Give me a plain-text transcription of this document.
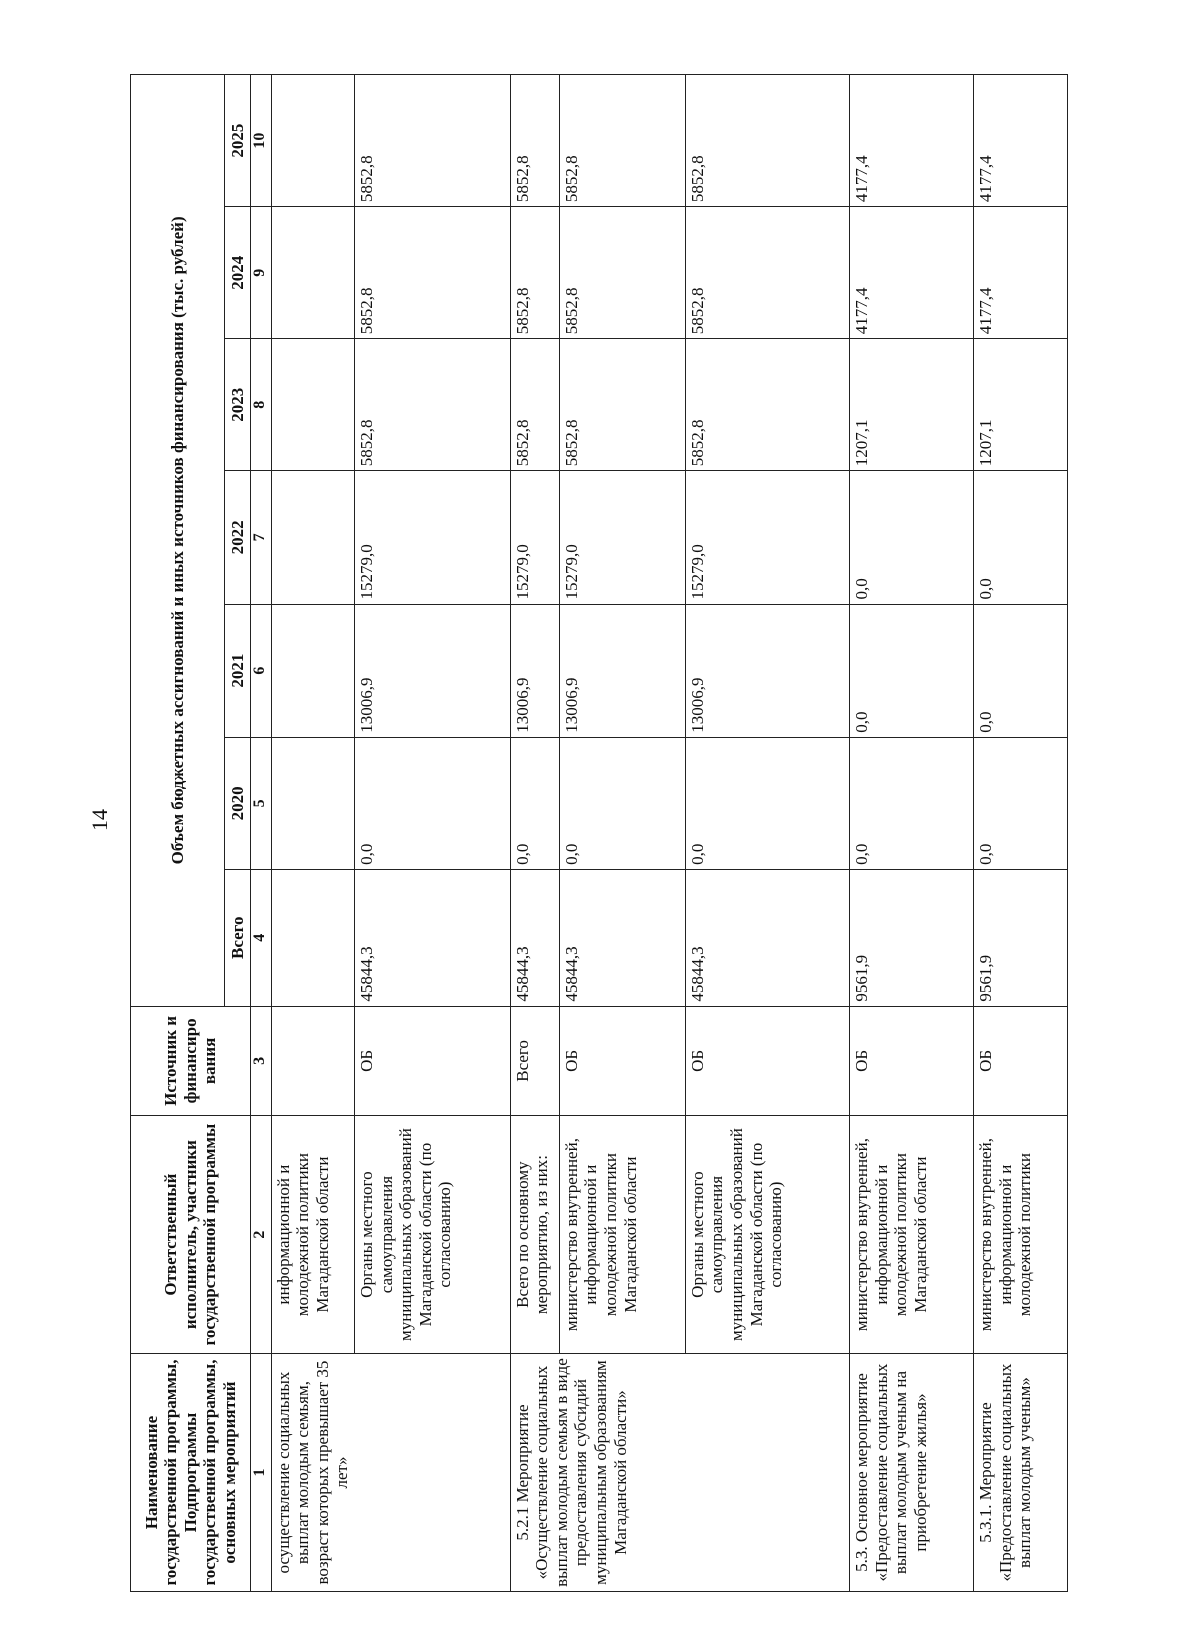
14
Наименование государственной программы, Подпрограммы государственной программы, основных мероприятий	Ответственный исполнитель, участники государственной программы	Источник и финансиро вания	Объем бюджетных ассигнований и иных источников финансирования (тыс. рублей)						
			Всего	2020	2021	2022	2023	2024	2025
1	2	3	4	5	6	7	8	9	10
осуществление социальных выплат молодым семьям, возраст которых превышает 35 лет»	информационной и молодежной политики Магаданской области								
	Органы местного самоуправления муниципальных образований Магаданской области (по согласованию)	ОБ	45844,3	0,0	13006,9	15279,0	5852,8	5852,8	5852,8
5.2.1 Мероприятие «Осуществление социальных выплат молодым семьям в виде предоставления субсидий муниципальным образованиям Магаданской области»	Всего по основному мероприятию, из них:	Всего	45844,3	0,0	13006,9	15279,0	5852,8	5852,8	5852,8
	министерство внутренней, информационной и молодежной политики Магаданской области	ОБ	45844,3	0,0	13006,9	15279,0	5852,8	5852,8	5852,8
	Органы местного самоуправления муниципальных образований Магаданской области (по согласованию)	ОБ	45844,3	0,0	13006,9	15279,0	5852,8	5852,8	5852,8
5.3. Основное мероприятие «Предоставление социальных выплат молодым ученым на приобретение жилья»	министерство внутренней, информационной и молодежной политики Магаданской области	ОБ	9561,9	0,0	0,0	0,0	1207,1	4177,4	4177,4
5.3.1. Мероприятие «Предоставление социальных выплат молодым ученым»	министерство внутренней, информационной и молодежной политики	ОБ	9561,9	0,0	0,0	0,0	1207,1	4177,4	4177,4
